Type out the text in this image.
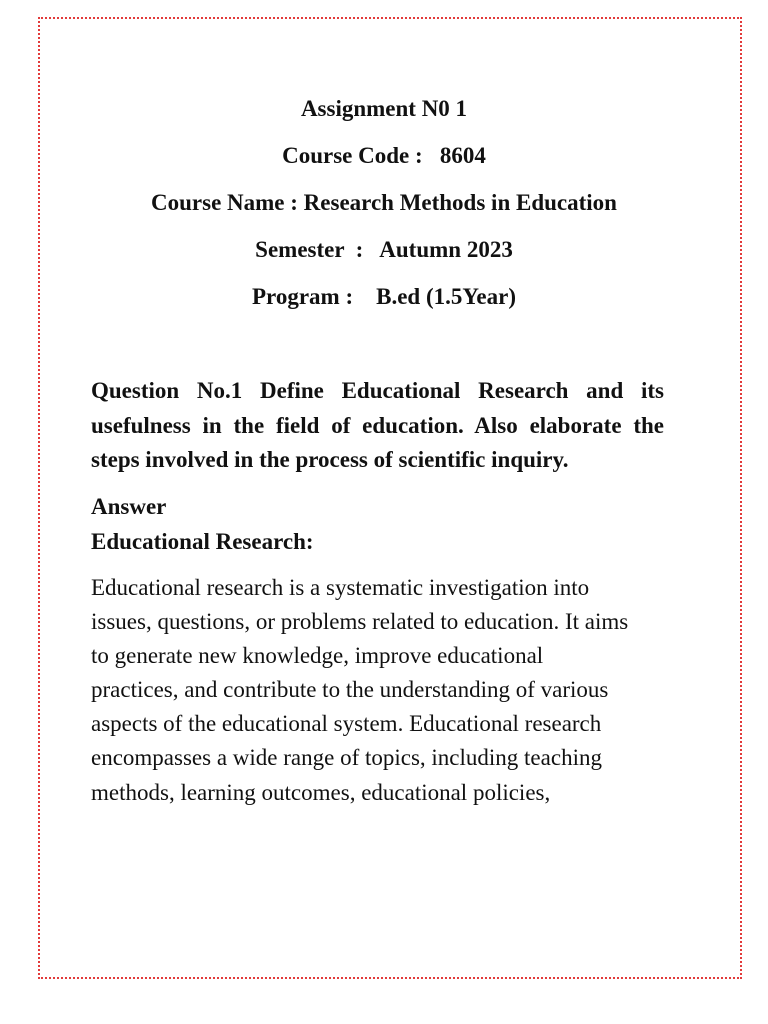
Assignment N0 1
Course Code :   8604
Course Name : Research Methods in Education
Semester  :   Autumn 2023
Program :    B.ed (1.5Year)

Question No.1 Define Educational Research and its usefulness in the field of education. Also elaborate the steps involved in the process of scientific inquiry.

Answer

Educational Research:

Educational research is a systematic investigation into
issues, questions, or problems related to education. It aims
to generate new knowledge, improve educational
practices, and contribute to the understanding of various
aspects of the educational system. Educational research
encompasses a wide range of topics, including teaching
methods, learning outcomes, educational policies,
